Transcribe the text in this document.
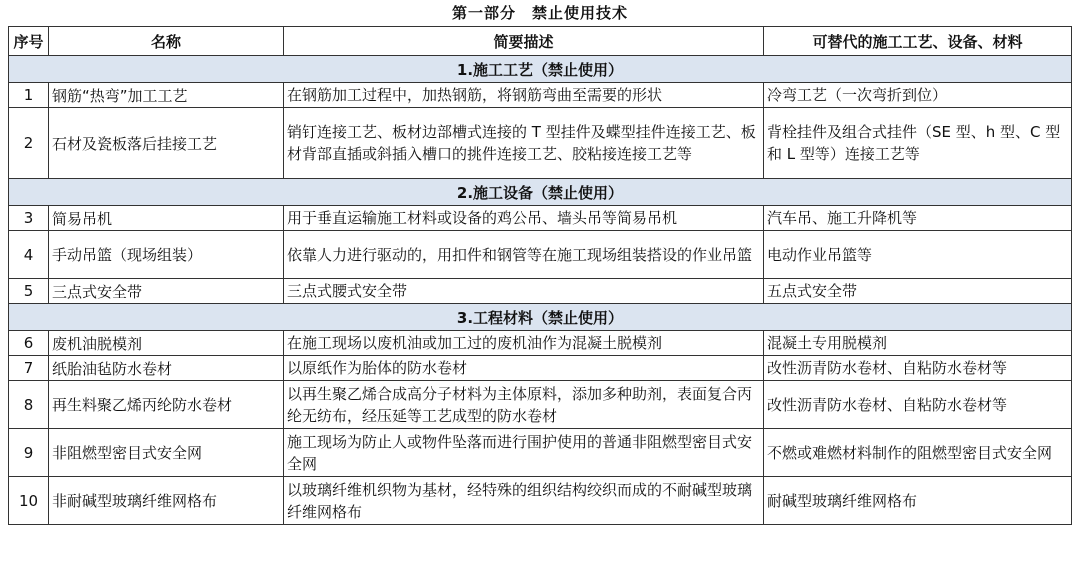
第一部分　禁止使用技术
序号	名称	简要描述	可替代的施工工艺、设备、材料
1.施工工艺（禁止使用）			
1	钢筋“热弯”加工工艺	在钢筋加工过程中，加热钢筋，将钢筋弯曲至需要的形状	冷弯工艺（一次弯折到位）
2	石材及瓷板落后挂接工艺	销钉连接工艺、板材边部槽式连接的 T 型挂件及蝶型挂件连接工艺、板材背部直插或斜插入槽口的挑件连接工艺、胶粘接连接工艺等	背栓挂件及组合式挂件（SE 型、h 型、C 型和 L 型等）连接工艺等
2.施工设备（禁止使用）			
3	简易吊机	用于垂直运输施工材料或设备的鸡公吊、墙头吊等简易吊机	汽车吊、施工升降机等
4	手动吊篮（现场组装）	依靠人力进行驱动的，用扣件和钢管等在施工现场组装搭设的作业吊篮	电动作业吊篮等
5	三点式安全带	三点式腰式安全带	五点式安全带
3.工程材料（禁止使用）			
6	废机油脱模剂	在施工现场以废机油或加工过的废机油作为混凝土脱模剂	混凝土专用脱模剂
7	纸胎油毡防水卷材	以原纸作为胎体的防水卷材	改性沥青防水卷材、自粘防水卷材等
8	再生料聚乙烯丙纶防水卷材	以再生聚乙烯合成高分子材料为主体原料，添加多种助剂，表面复合丙纶无纺布，经压延等工艺成型的防水卷材	改性沥青防水卷材、自粘防水卷材等
9	非阻燃型密目式安全网	施工现场为防止人或物件坠落而进行围护使用的普通非阻燃型密目式安全网	不燃或难燃材料制作的阻燃型密目式安全网
10	非耐碱型玻璃纤维网格布	以玻璃纤维机织物为基材，经特殊的组织结构绞织而成的不耐碱型玻璃纤维网格布	耐碱型玻璃纤维网格布
